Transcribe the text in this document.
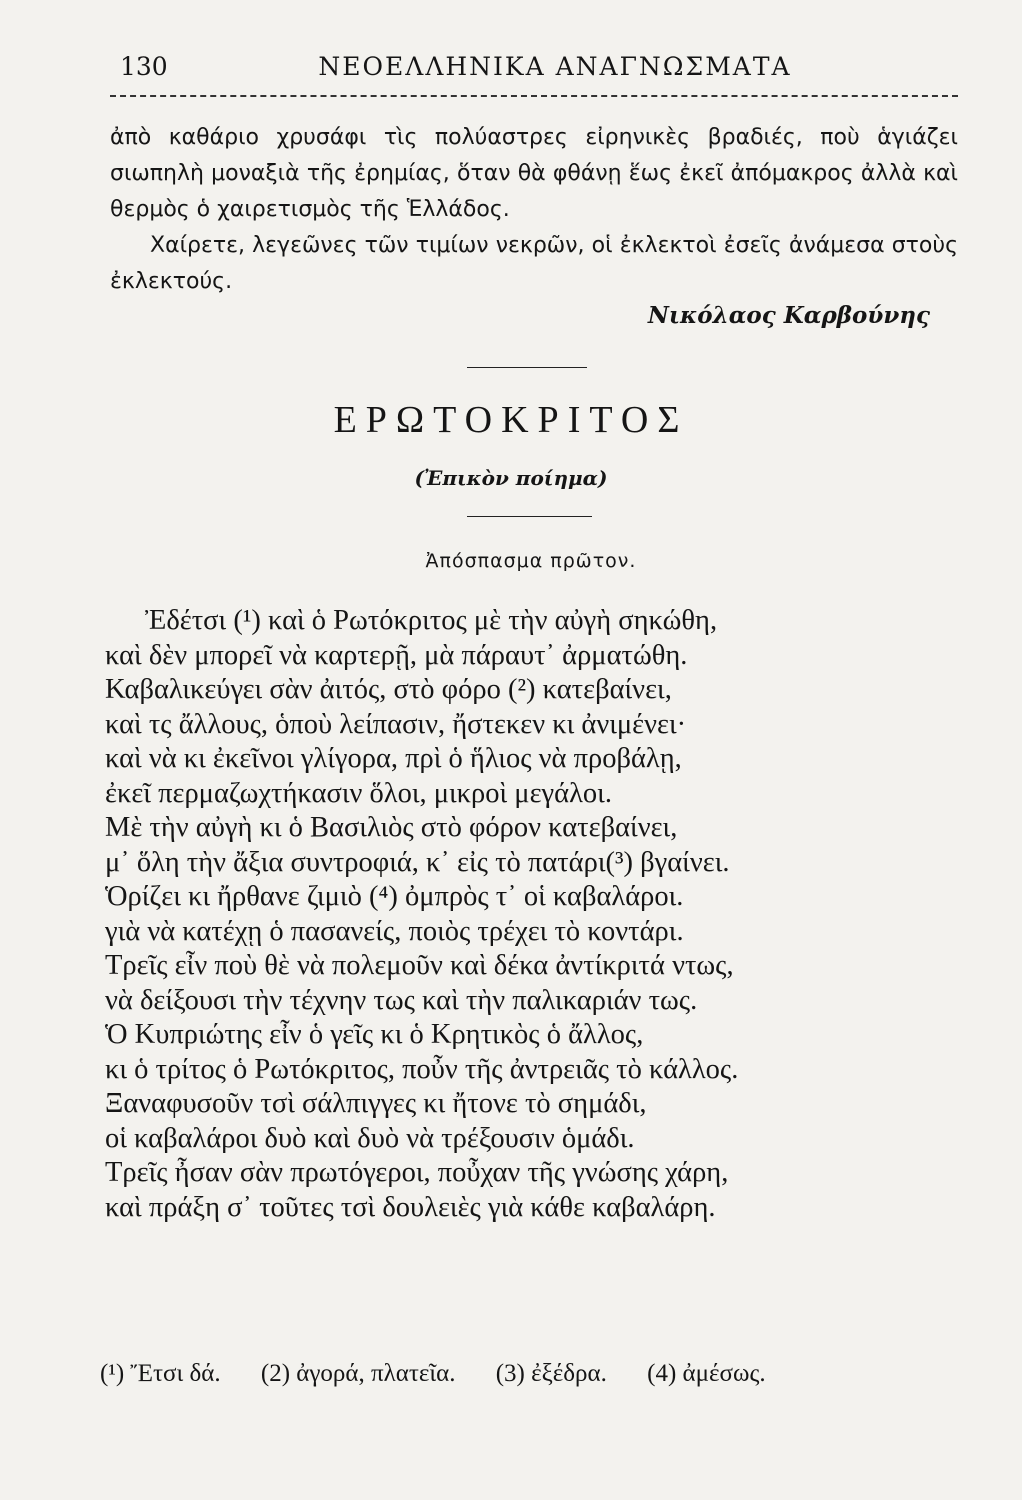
130	ΝΕΟΕΛΛΗΝΙΚΑ ΑΝΑΓΝΩΣΜΑΤΑ

ἀπὸ καθάριο χρυσάφι τὶς πολύαστρες εἰρηνικὲς βραδιές, ποὺ ἁγιάζει σιωπηλὴ μοναξιὰ τῆς ἐρημίας, ὅταν θὰ φθάνῃ ἕως ἐκεῖ ἀπόμακρος ἀλλὰ καὶ θερμὸς ὁ χαιρετισμὸς τῆς Ἑλλάδος.

Χαίρετε, λεγεῶνες τῶν τιμίων νεκρῶν, οἱ ἐκλεκτοὶ ἐσεῖς ἀνάμεσα στοὺς ἐκλεκτούς.

Νικόλαος Καρβούνης
ΕΡΩΤΟΚΡΙΤΟΣ
(Ἐπικὸν ποίημα)
Ἀπόσπασμα πρῶτον.
Ἐδέτσι (¹) καὶ ὁ Ρωτόκριτος μὲ τὴν αὐγὴ σηκώθη,
καὶ δὲν μπορεῖ νὰ καρτερῇ, μὰ πάραυτ᾿ ἀρματώθη.
Καβαλικεύγει σὰν ἀιτός, στὸ φόρο (²) κατεβαίνει,
καὶ τς ἄλλους, ὁποὺ λείπασιν, ἤστεκεν κι ἀνιμένει·
καὶ νὰ κι ἐκεῖνοι γλίγορα, πρὶ ὁ ἥλιος νὰ προβάλῃ,
ἐκεῖ περμαζωχτήκασιν ὅλοι, μικροὶ μεγάλοι.
Μὲ τὴν αὐγὴ κι ὁ Βασιλιὸς στὸ φόρον κατεβαίνει,
μ᾿ ὅλη τὴν ἄξια συντροφιά, κ᾿ εἰς τὸ πατάρι(³) βγαίνει.
Ὁρίζει κι ἤρθανε ζιμιὸ (⁴) ὀμπρὸς τ᾿ οἱ καβαλάροι.
γιὰ νὰ κατέχῃ ὁ πασανείς, ποιὸς τρέχει τὸ κοντάρι.
Τρεῖς εἶν ποὺ θὲ νὰ πολεμοῦν καὶ δέκα ἀντίκριτά ντως,
νὰ δείξουσι τὴν τέχνην τως καὶ τὴν παλικαριάν τως.
Ὁ Κυπριώτης εἶν ὁ γεῖς κι ὁ Κρητικὸς ὁ ἄλλος,
κι ὁ τρίτος ὁ Ρωτόκριτος, ποὖν τῆς ἀντρειᾶς τὸ κάλλος.
Ξαναφυσοῦν τσὶ σάλπιγγες κι ἤτονε τὸ σημάδι,
οἱ καβαλάροι δυὸ καὶ δυὸ νὰ τρέξουσιν ὁμάδι.
Τρεῖς ἦσαν σὰν πρωτόγεροι, ποὖχαν τῆς γνώσης χάρη,
καὶ πράξη σ᾿ τοῦτες τσὶ δουλειὲς γιὰ κάθε καβαλάρη.
(¹) Ἔτσι δά. (2) ἀγορά, πλατεῖα. (3) ἐξέδρα. (4) ἀμέσως.
